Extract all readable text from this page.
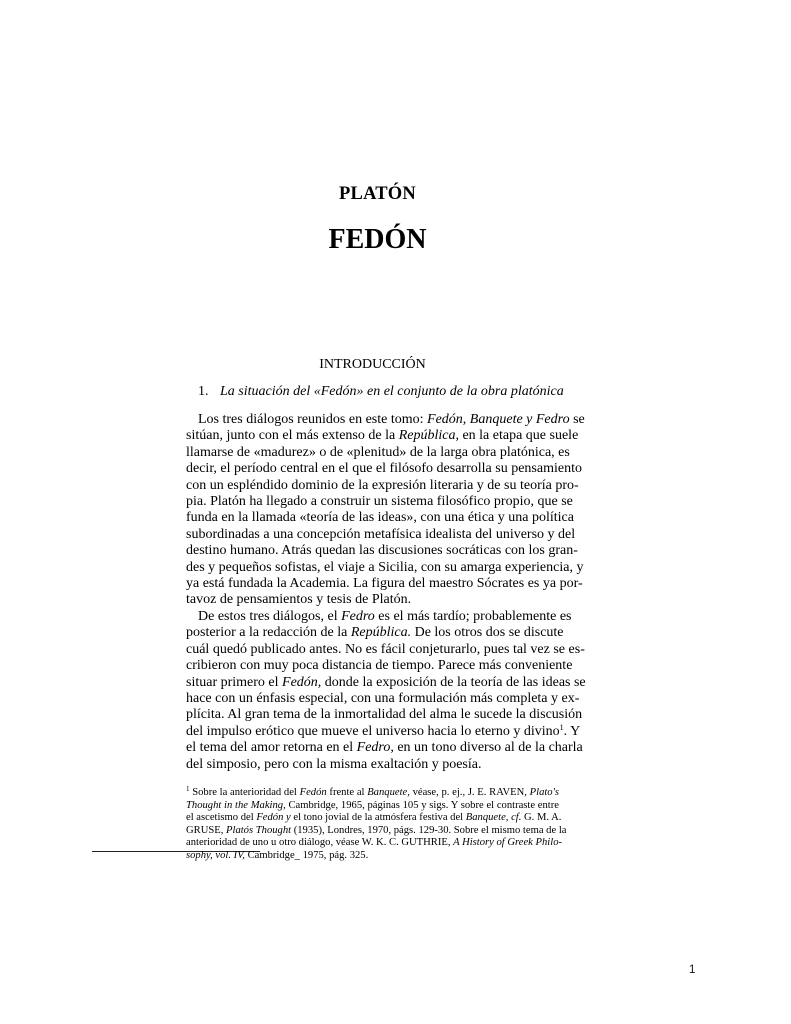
PLATÓN
FEDÓN
INTRODUCCIÓN
1. La situación del «Fedón» en el conjunto de la obra platónica
Los tres diálogos reunidos en este tomo: Fedón, Banquete y Fedro se
sitúan, junto con el más extenso de la República, en la etapa que suele
llamarse de «madurez» o de «plenitud» de la larga obra platónica, es
decir, el período central en el que el filósofo desarrolla su pensamiento
con un espléndido dominio de la expresión literaria y de su teoría pro-
pia. Platón ha llegado a construir un sistema filosófico propio, que se
funda en la llamada «teoría de las ideas», con una ética y una política
subordinadas a una concepción metafísica idealista del universo y del
destino humano. Atrás quedan las discusiones socráticas con los gran-
des y pequeños sofistas, el viaje a Sicilia, con su amarga experiencia, y
ya está fundada la Academia. La figura del maestro Sócrates es ya por-
tavoz de pensamientos y tesis de Platón.
De estos tres diálogos, el Fedro es el más tardío; probablemente es
posterior a la redacción de la República. De los otros dos se discute
cuál quedó publicado antes. No es fácil conjeturarlo, pues tal vez se es-
cribieron con muy poca distancia de tiempo. Parece más conveniente
situar primero el Fedón, donde la exposición de la teoría de las ideas se
hace con un énfasis especial, con una formulación más completa y ex-
plícita. Al gran tema de la inmortalidad del alma le sucede la discusión
del impulso erótico que mueve el universo hacia lo eterno y divino$^1$. Y
el tema del amor retorna en el Fedro, en un tono diverso al de la charla
del simposio, pero con la misma exaltación y poesía.
$^1$ Sobre la anterioridad del Fedón frente al Banquete, véase, p. ej., J. E. RAVEN, Plato's
Thought in the Making, Cambridge, 1965, páginas 105 y sigs. Y sobre el contraste entre
el ascetismo del Fedón y el tono jovial de la atmósfera festiva del Banquete, cf. G. M. A.
GRUSE, Platós Thought (1935), Londres, 1970, págs. 129-30. Sobre el mismo tema de la
anterioridad de uno u otro diálogo, véase W. K. C. GUTHRIE, A History of Greek Philo-
sophy, vol. IV, Cambridge_ 1975, pág. 325.
1
